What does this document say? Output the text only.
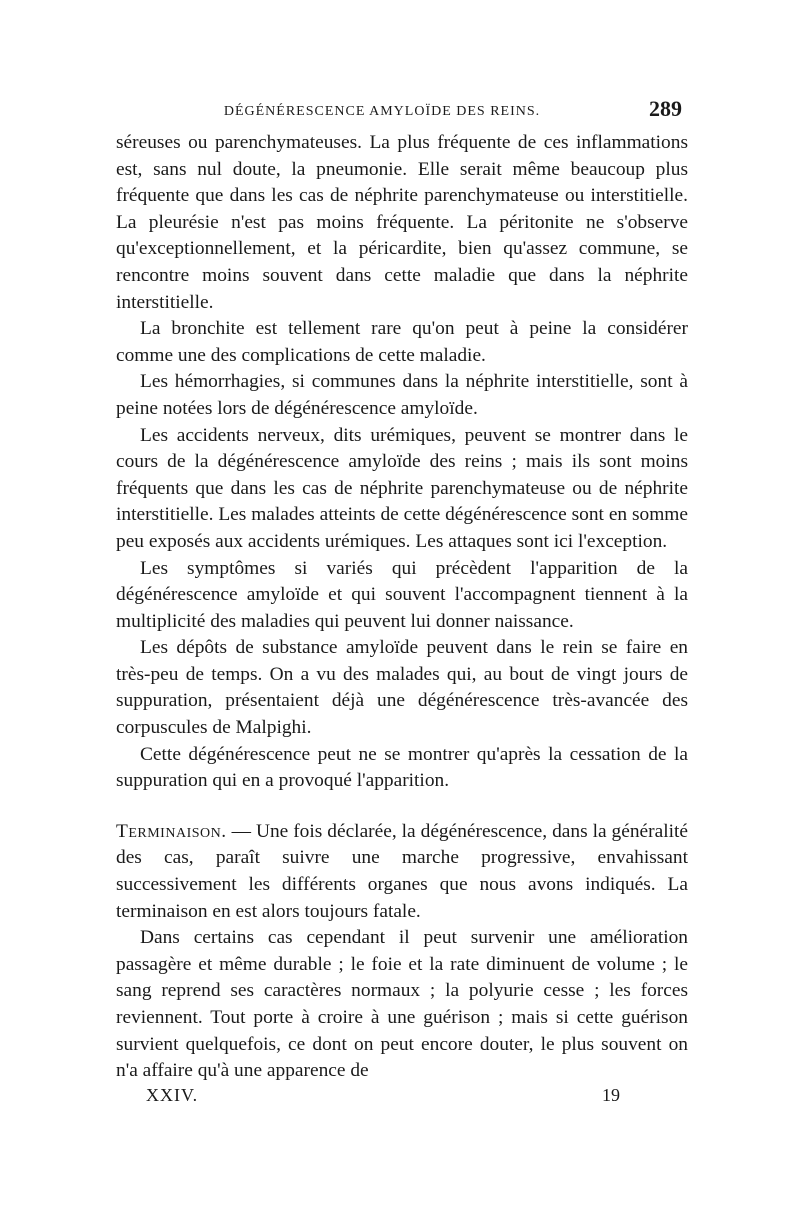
DÉGÉNÉRESCENCE AMYLOÏDE DES REINS.	289

séreuses ou parenchymateuses. La plus fréquente de ces inflammations est, sans nul doute, la pneumonie. Elle serait même beaucoup plus fréquente que dans les cas de néphrite parenchymateuse ou interstitielle. La pleurésie n'est pas moins fréquente. La péritonite ne s'observe qu'exceptionnellement, et la péricardite, bien qu'assez commune, se rencontre moins souvent dans cette maladie que dans la néphrite interstitielle.

La bronchite est tellement rare qu'on peut à peine la considérer comme une des complications de cette maladie.

Les hémorrhagies, si communes dans la néphrite interstitielle, sont à peine notées lors de dégénérescence amyloïde.

Les accidents nerveux, dits urémiques, peuvent se montrer dans le cours de la dégénérescence amyloïde des reins ; mais ils sont moins fréquents que dans les cas de néphrite parenchymateuse ou de néphrite interstitielle. Les malades atteints de cette dégénérescence sont en somme peu exposés aux accidents urémiques. Les attaques sont ici l'exception.

Les symptômes si variés qui précèdent l'apparition de la dégénérescence amyloïde et qui souvent l'accompagnent tiennent à la multiplicité des maladies qui peuvent lui donner naissance.

Les dépôts de substance amyloïde peuvent dans le rein se faire en très-peu de temps. On a vu des malades qui, au bout de vingt jours de suppuration, présentaient déjà une dégénérescence très-avancée des corpuscules de Malpighi.

Cette dégénérescence peut ne se montrer qu'après la cessation de la suppuration qui en a provoqué l'apparition.

Terminaison. — Une fois déclarée, la dégénérescence, dans la généralité des cas, paraît suivre une marche progressive, envahissant successivement les différents organes que nous avons indiqués. La terminaison en est alors toujours fatale.

Dans certains cas cependant il peut survenir une amélioration passagère et même durable ; le foie et la rate diminuent de volume ; le sang reprend ses caractères normaux ; la polyurie cesse ; les forces reviennent. Tout porte à croire à une guérison ; mais si cette guérison survient quelquefois, ce dont on peut encore douter, le plus souvent on n'a affaire qu'à une apparence de

XXIV.	19
